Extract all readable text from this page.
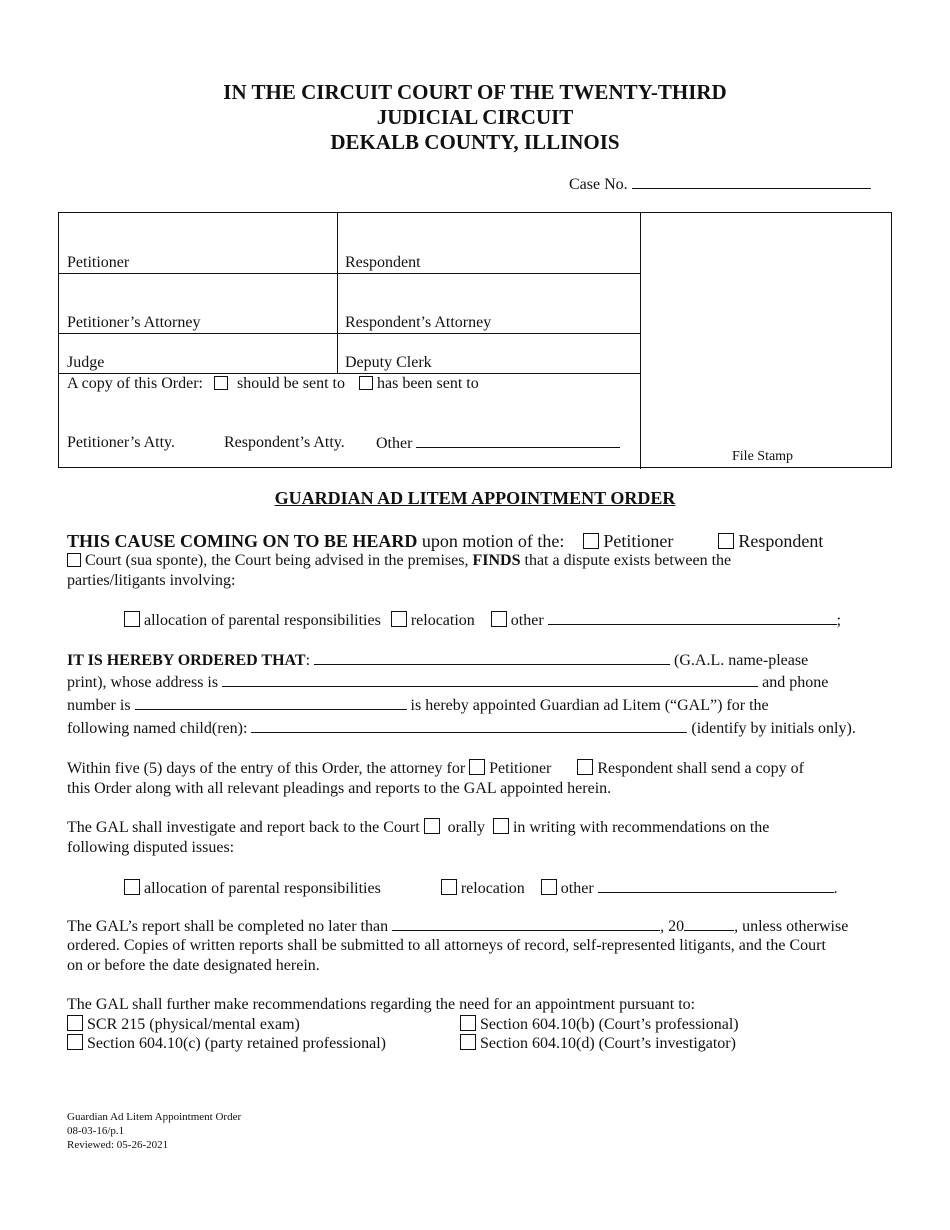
IN THE CIRCUIT COURT OF THE TWENTY-THIRD
JUDICIAL CIRCUIT
DEKALB COUNTY, ILLINOIS
Case No.
Petitioner	Respondent
Petitioner’s Attorney	Respondent’s Attorney
Judge	Deputy Clerk
A copy of this Order: should be sent to has been sent to
Petitioner’s Atty.	Respondent’s Atty. Other
File Stamp
GUARDIAN AD LITEM APPOINTMENT ORDER
THIS CAUSE COMING ON TO BE HEARD upon motion of the: Petitioner	Respondent
Court (sua sponte), the Court being advised in the premises, FINDS that a dispute exists between the
parties/litigants involving:
allocation of parental responsibilities relocation other	;
IT IS HEREBY ORDERED THAT:	(G.A.L. name-please
print), whose address is	and phone
number is	is hereby appointed Guardian ad Litem (“GAL”) for the
following named child(ren):	(identify by initials only).
Within five (5) days of the entry of this Order, the attorney for Petitioner	Respondent shall send a copy of
this Order along with all relevant pleadings and reports to the GAL appointed herein.
The GAL shall investigate and report back to the Court orally in writing with recommendations on the
following disputed issues:
allocation of parental responsibilities	relocation other	.
The GAL’s report shall be completed no later than	, 20	, unless otherwise
ordered. Copies of written reports shall be submitted to all attorneys of record, self-represented litigants, and the Court
on or before the date designated herein.
The GAL shall further make recommendations regarding the need for an appointment pursuant to:
SCR 215 (physical/mental exam)	Section 604.10(b) (Court’s professional)
Section 604.10(c) (party retained professional)	Section 604.10(d) (Court’s investigator)
Guardian Ad Litem Appointment Order
08-03-16/p.1
Reviewed: 05-26-2021
